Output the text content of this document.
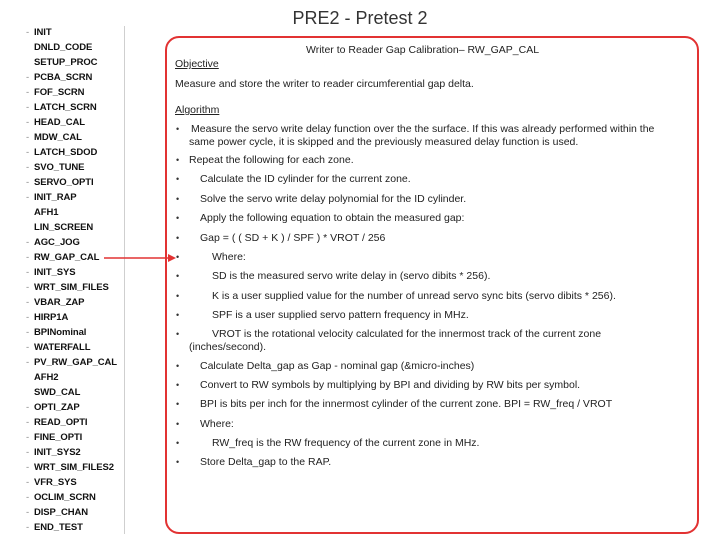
PRE2 - Pretest 2
- INIT
DNLD_CODE
SETUP_PROC
- PCBA_SCRN
- FOF_SCRN
- LATCH_SCRN
- HEAD_CAL
- MDW_CAL
- LATCH_SDOD
- SVO_TUNE
- SERVO_OPTI
- INIT_RAP
AFH1
LIN_SCREEN
- AGC_JOG
- RW_GAP_CAL
- INIT_SYS
- WRT_SIM_FILES
- VBAR_ZAP
- HIRP1A
- BPINominal
- WATERFALL
- PV_RW_GAP_CAL
AFH2
SWD_CAL
- OPTI_ZAP
- READ_OPTI
- FINE_OPTI
- INIT_SYS2
- WRT_SIM_FILES2
- VFR_SYS
- OCLIM_SCRN
- DISP_CHAN
- END_TEST
Writer to Reader Gap Calibration– RW_GAP_CAL
Objective
Measure and store the writer to reader circumferential gap delta.
Algorithm
• Measure the servo write delay function over the the surface. If this was already performed within the
same power cycle, it is skipped and the previously measured delay function is used.
• Repeat the following for each zone.
• Calculate the ID cylinder for the current zone.
• Solve the servo write delay polynomial for the ID cylinder.
• Apply the following equation to obtain the measured gap:
• Gap = ( ( SD + K ) / SPF ) * VROT / 256
•	Where:
•	SD is the measured servo write delay in (servo dibits * 256).
•	K is a user supplied value for the number of unread servo sync bits (servo dibits * 256).
•	SPF is a user supplied servo pattern frequency in MHz.
•	VROT is the rotational velocity calculated for the innermost track of the current zone
(inches/second).
• Calculate Delta_gap as Gap - nominal gap (&micro-inches)
• Convert to RW symbols by multiplying by BPI and dividing by RW bits per symbol.
• BPI is bits per inch for the innermost cylinder of the current zone. BPI = RW_freq / VROT
• Where:
•	RW_freq is the RW frequency of the current zone in MHz.
• Store Delta_gap to the RAP.
